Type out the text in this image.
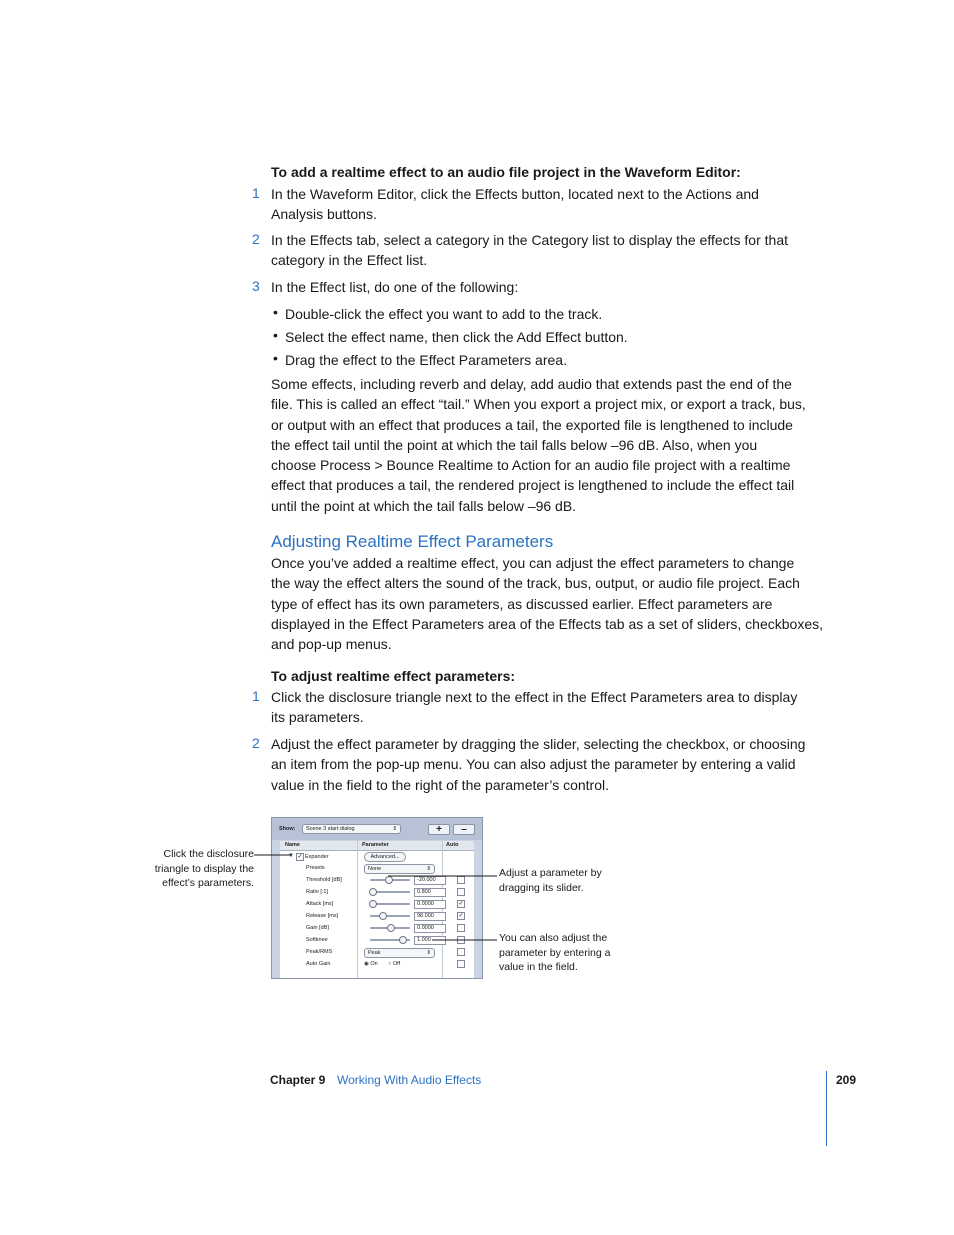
To add a realtime effect to an audio file project in the Waveform Editor:
1 In the Waveform Editor, click the Effects button, located next to the Actions and
Analysis buttons.
2 In the Effects tab, select a category in the Category list to display the effects for that
category in the Effect list.
3 In the Effect list, do one of the following:
• Double-click the effect you want to add to the track.
• Select the effect name, then click the Add Effect button.
• Drag the effect to the Effect Parameters area.
Some effects, including reverb and delay, add audio that extends past the end of the
file. This is called an effect “tail.” When you export a project mix, or export a track, bus,
or output with an effect that produces a tail, the exported file is lengthened to include
the effect tail until the point at which the tail falls below –96 dB. Also, when you
choose Process > Bounce Realtime to Action for an audio file project with a realtime
effect that produces a tail, the rendered project is lengthened to include the effect tail
until the point at which the tail falls below –96 dB.
Adjusting Realtime Effect Parameters
Once you’ve added a realtime effect, you can adjust the effect parameters to change
the way the effect alters the sound of the track, bus, output, or audio file project. Each
type of effect has its own parameters, as discussed earlier. Effect parameters are
displayed in the Effect Parameters area of the Effects tab as a set of sliders, checkboxes,
and pop-up menus.
To adjust realtime effect parameters:
1 Click the disclosure triangle next to the effect in the Effect Parameters area to display
its parameters.
2 Adjust the effect parameter by dragging the slider, selecting the checkbox, or choosing
an item from the pop-up menu. You can also adjust the parameter by entering a valid
value in the field to the right of the parameter’s control.
Show:	Scene 3 start dialog	⇕	+	–
Name	Parameter	Auto
▼ ✓ Expander	Advanced...
Presets	None	⇕
Threshold [dB]	-20.000
Ratio [:1]	0.800
Attack [ms]	0.0000	✓
Release [ms]	98.000	✓
Gain [dB]	0.0000
Softknee	1.000
Peak/RMS	Peak	⇕
Auto Gain	◉ On ○ Off
Click the disclosure
triangle to display the
effect’s parameters.
Adjust a parameter by
dragging its slider.
You can also adjust the
parameter by entering a
value in the field.
Chapter 9 Working With Audio Effects	209
